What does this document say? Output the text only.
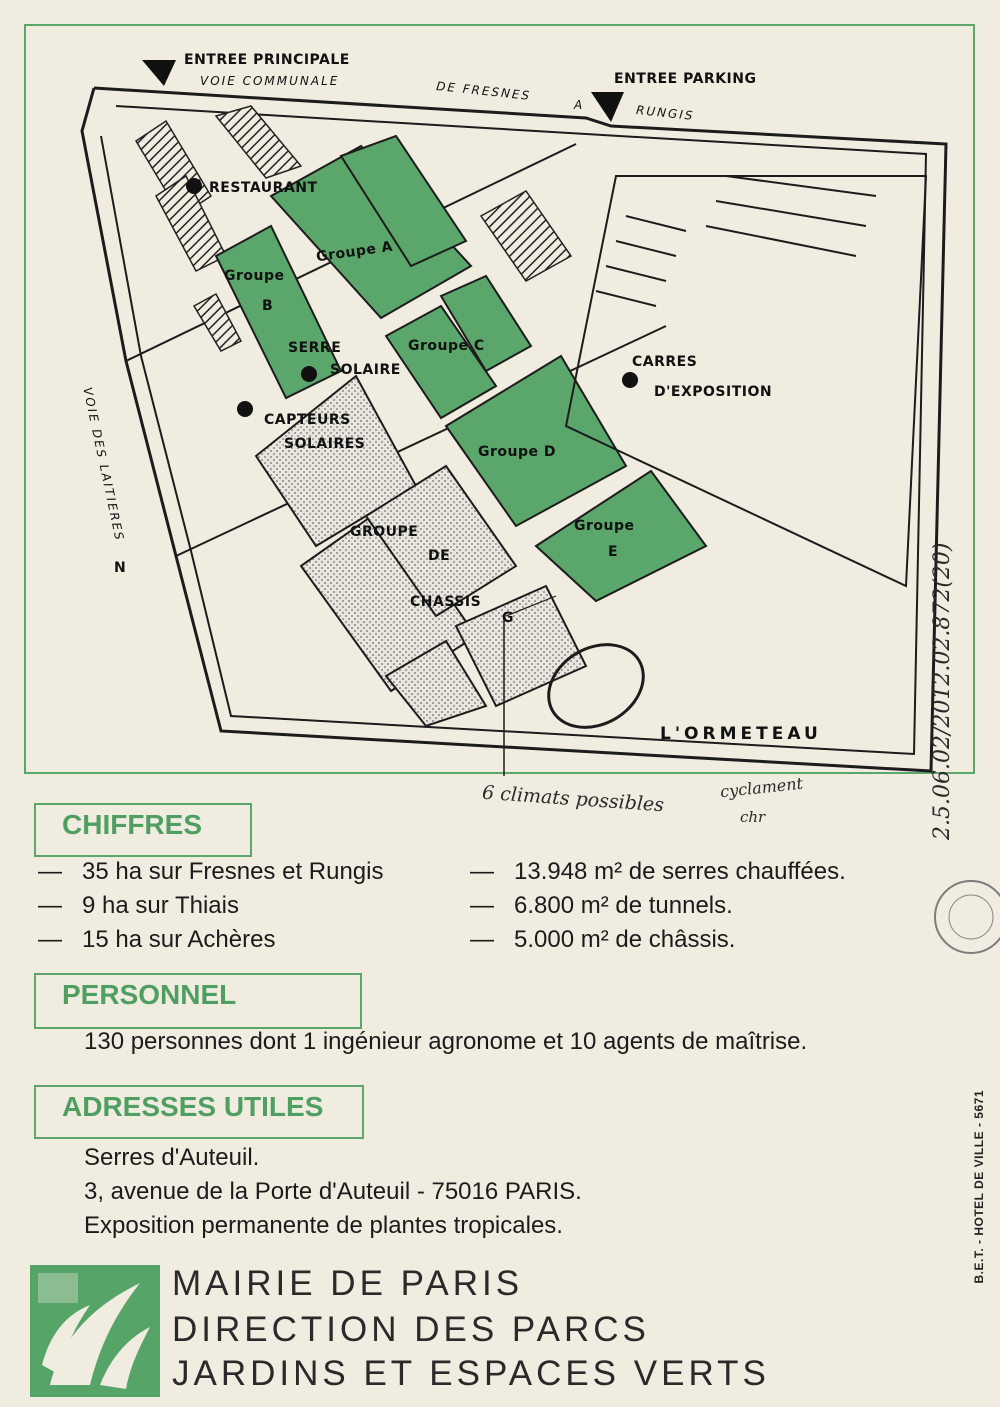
ENTREE PRINCIPALE
VOIE COMMUNALE	DE FRESNES
A	RUNGIS
ENTREE PARKING
RESTAURANT
Groupe A
Groupe
B
SERRE
SOLAIRE
Groupe C
CARRES
D'EXPOSITION
CAPTEURS
SOLAIRES	Groupe D
Groupe
E
GROUPE
DE
CHASSIS
G
VOIE DES LAITIERES
N
L'ORMETEAU
6 climats possibles	cyclament
chr	2.5.06.02/2012.02.872(20)
CHIFFRES
— 35 ha sur Fresnes et Rungis
— 9 ha sur Thiais
— 15 ha sur Achères
— 13.948 m² de serres chauffées.
— 6.800 m² de tunnels.
— 5.000 m² de châssis.
PERSONNEL
130 personnes dont 1 ingénieur agronome et 10 agents de maîtrise.
ADRESSES UTILES
Serres d'Auteuil.
3, avenue de la Porte d'Auteuil - 75016 PARIS.
Exposition permanente de plantes tropicales.
MAIRIE DE PARIS
DIRECTION DES PARCS
JARDINS ET ESPACES VERTS
B.E.T. - HOTEL DE VILLE - 5671
